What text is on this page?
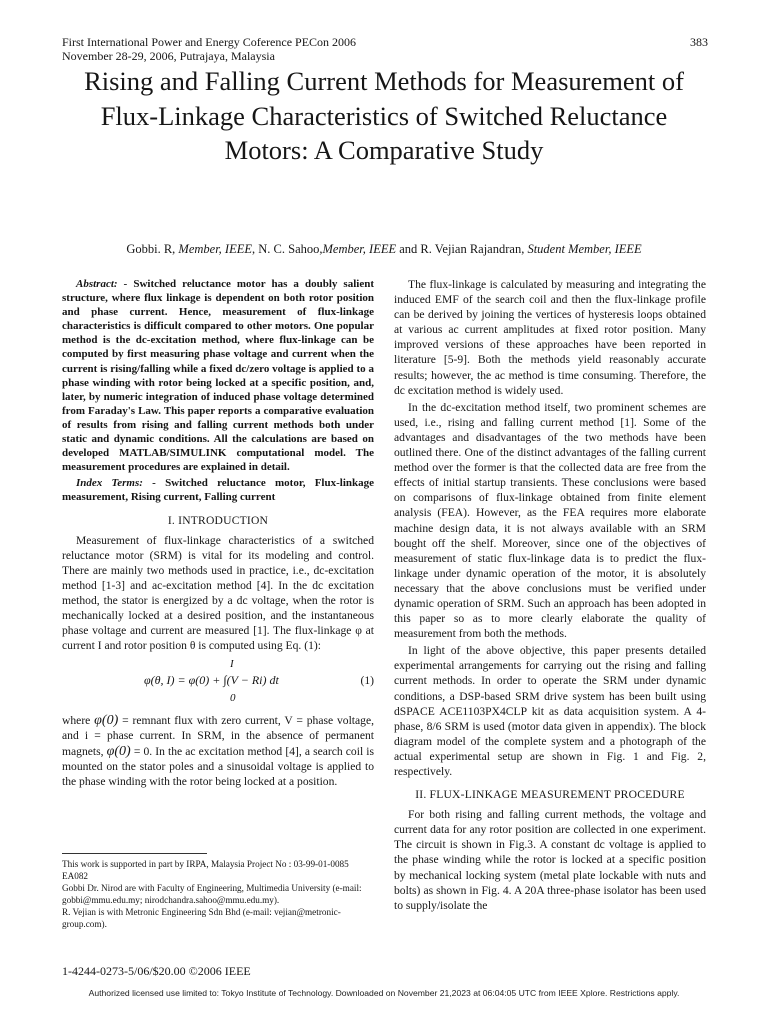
First International Power and Energy Coference PECon 2006
November 28-29, 2006, Putrajaya, Malaysia
383
Rising and Falling Current Methods for Measurement of Flux-Linkage Characteristics of Switched Reluctance Motors: A Comparative Study
Gobbi. R, Member, IEEE, N. C. Sahoo,Member, IEEE and R. Vejian Rajandran, Student Member, IEEE

Abstract: - Switched reluctance motor has a doubly salient structure, where flux linkage is dependent on both rotor position and phase current. Hence, measurement of flux-linkage characteristics is difficult compared to other motors. One popular method is the dc-excitation method, where flux-linkage can be computed by first measuring phase voltage and current when the current is rising/falling while a fixed dc/zero voltage is applied to a phase winding with rotor being locked at a specific position, and, later, by numeric integration of induced phase voltage determined from Faraday's Law. This paper reports a comparative evaluation of results from rising and falling current methods both under static and dynamic conditions. All the calculations are based on developed MATLAB/SIMULINK computational model. The measurement procedures are explained in detail.

Index Terms: - Switched reluctance motor, Flux-linkage measurement, Rising current, Falling current

I. INTRODUCTION

Measurement of flux-linkage characteristics of a switched reluctance motor (SRM) is vital for its modeling and control. There are mainly two methods used in practice, i.e., dc-excitation method [1-3] and ac-excitation method [4]. In the dc excitation method, the stator is energized by a dc voltage, when the rotor is mechanically locked at a desired position, and the instantaneous phase voltage and current are measured [1]. The flux-linkage φ at current I and rotor position θ is computed using Eq. (1):

I
φ(θ, I) = φ(0) + ∫(V − Ri) dt
0
(1)

where φ(0) = remnant flux with zero current, V = phase voltage, and i = phase current. In SRM, in the absence of permanent magnets, φ(0) = 0. In the ac excitation method [4], a search coil is mounted on the stator poles and a sinusoidal voltage is applied to the phase winding with the rotor being locked at a position.

The flux-linkage is calculated by measuring and integrating the induced EMF of the search coil and then the flux-linkage profile can be derived by joining the vertices of hysteresis loops obtained at various ac current amplitudes at fixed rotor position. Many improved versions of these approaches have been reported in literature [5-9]. Both the methods yield reasonably accurate results; however, the ac method is time consuming. Therefore, the dc excitation method is widely used.

In the dc-excitation method itself, two prominent schemes are used, i.e., rising and falling current method [1]. Some of the advantages and disadvantages of the two methods have been outlined there. One of the distinct advantages of the falling current method over the former is that the collected data are free from the effects of initial startup transients. These conclusions were based on comparisons of flux-linkage obtained from finite element analysis (FEA). However, as the FEA requires more elaborate machine design data, it is not always available with an SRM bought off the shelf. Moreover, since one of the objectives of measurement of static flux-linkage data is to predict the flux-linkage under dynamic operation of the motor, it is absolutely necessary that the above conclusions must be verified under dynamic operation of SRM. Such an approach has been adopted in this paper so as to more clearly elaborate the quality of measurement from both the methods.

In light of the above objective, this paper presents detailed experimental arrangements for carrying out the rising and falling current methods. In order to operate the SRM under dynamic conditions, a DSP-based SRM drive system has been built using dSPACE ACE1103PX4CLP kit as data acquisition system. A 4-phase, 8/6 SRM is used (motor data given in appendix). The block diagram model of the complete system and a photograph of the actual experimental setup are shown in Fig. 1 and Fig. 2, respectively.

II. FLUX-LINKAGE MEASUREMENT PROCEDURE

For both rising and falling current methods, the voltage and current data for any rotor position are collected in one experiment. The circuit is shown in Fig.3. A constant dc voltage is applied to the phase winding while the rotor is locked at a specific position by mechanical locking system (metal plate lockable with nuts and bolts) as shown in Fig. 4. A 20A three-phase isolator has been used to supply/isolate the

This work is supported in part by IRPA, Malaysia Project No : 03-99-01-0085 EA082

Gobbi Dr. Nirod are with Faculty of Engineering, Multimedia University (e-mail: gobbi@mmu.edu.my; nirodchandra.sahoo@mmu.edu.my).

R. Vejian is with Metronic Engineering Sdn Bhd (e-mail: vejian@metronic-group.com).

1-4244-0273-5/06/$20.00 ©2006 IEEE
Authorized licensed use limited to: Tokyo Institute of Technology. Downloaded on November 21,2023 at 06:04:05 UTC from IEEE Xplore. Restrictions apply.
